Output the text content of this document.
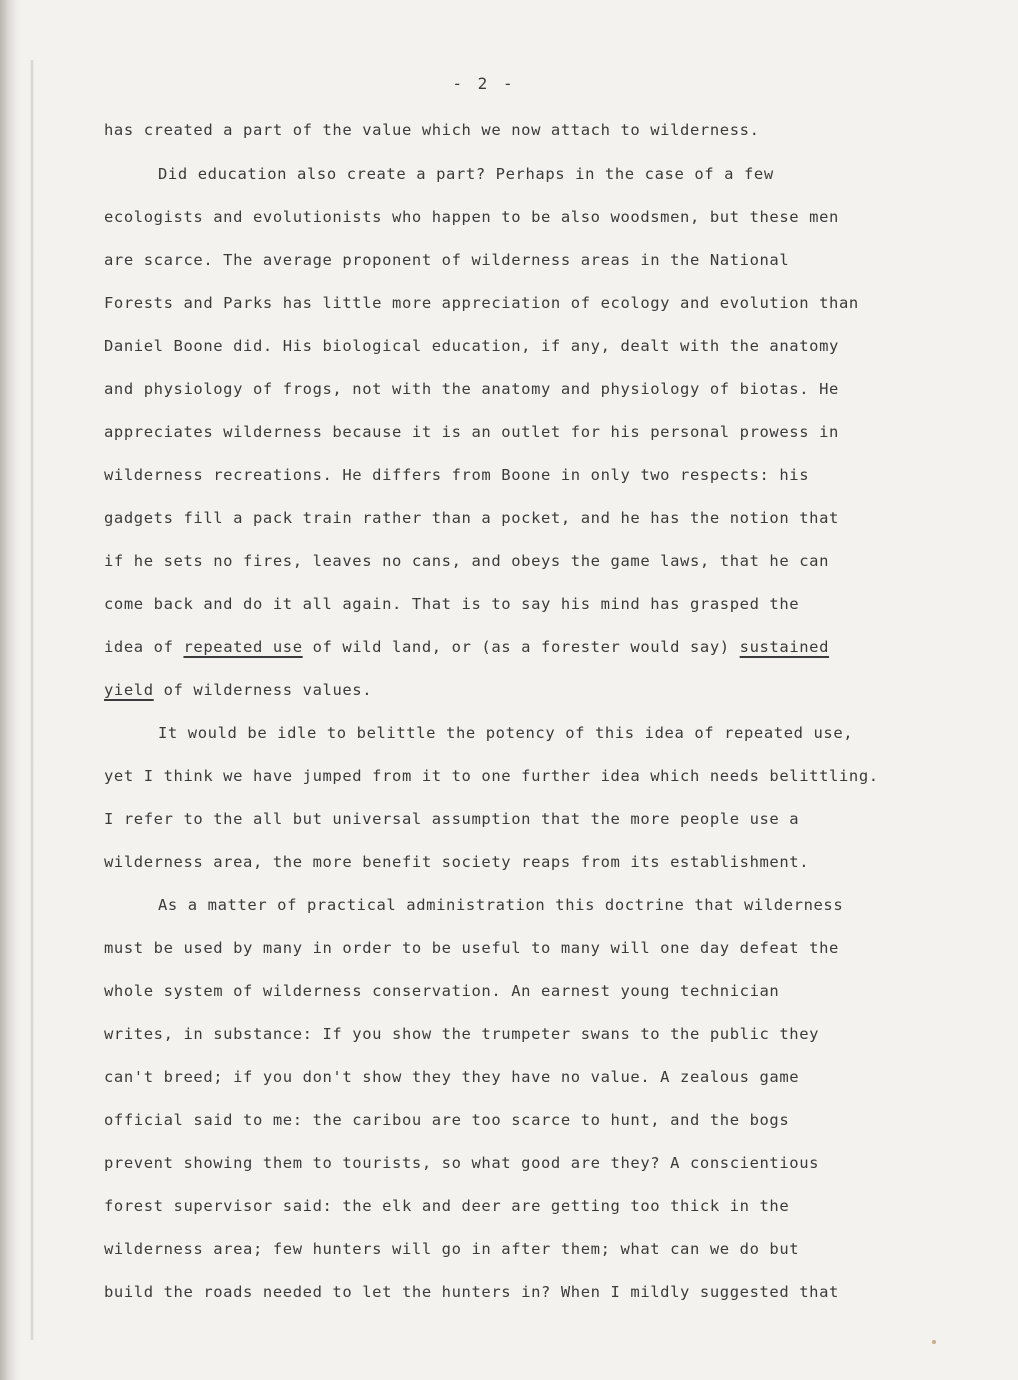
- 2 -
has created a part of the value which we now attach to wilderness.
Did education also create a part? Perhaps in the case of a few
ecologists and evolutionists who happen to be also woodsmen, but these men
are scarce. The average proponent of wilderness areas in the National
Forests and Parks has little more appreciation of ecology and evolution than
Daniel Boone did. His biological education, if any, dealt with the anatomy
and physiology of frogs, not with the anatomy and physiology of biotas. He
appreciates wilderness because it is an outlet for his personal prowess in
wilderness recreations. He differs from Boone in only two respects: his
gadgets fill a pack train rather than a pocket, and he has the notion that
if he sets no fires, leaves no cans, and obeys the game laws, that he can
come back and do it all again. That is to say his mind has grasped the
idea of repeated use of wild land, or (as a forester would say) sustained
yield of wilderness values.
It would be idle to belittle the potency of this idea of repeated use,
yet I think we have jumped from it to one further idea which needs belittling.
I refer to the all but universal assumption that the more people use a
wilderness area, the more benefit society reaps from its establishment.
As a matter of practical administration this doctrine that wilderness
must be used by many in order to be useful to many will one day defeat the
whole system of wilderness conservation. An earnest young technician
writes, in substance: If you show the trumpeter swans to the public they
can't breed; if you don't show they they have no value. A zealous game
official said to me: the caribou are too scarce to hunt, and the bogs
prevent showing them to tourists, so what good are they? A conscientious
forest supervisor said: the elk and deer are getting too thick in the
wilderness area; few hunters will go in after them; what can we do but
build the roads needed to let the hunters in? When I mildly suggested that
